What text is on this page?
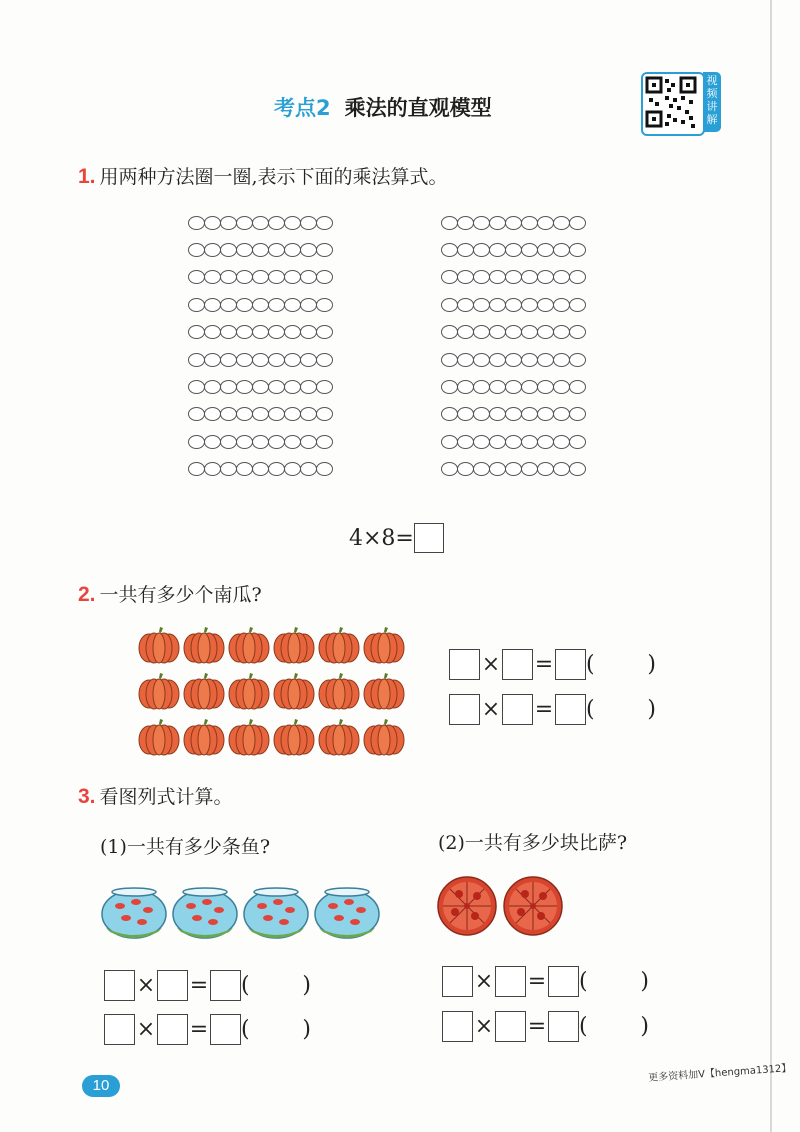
考点2 乘法的直观模型
视频讲解
1. 用两种方法圈一圈,表示下面的乘法算式。
4×8=
2. 一共有多少个南瓜?
× = ( )
× = ( )
3. 看图列式计算。
(1)一共有多少条鱼?	(2)一共有多少块比萨?
× = ( )
× = ( )
× = ( )
× = ( )
10
更多资料加V【hengma1312】
